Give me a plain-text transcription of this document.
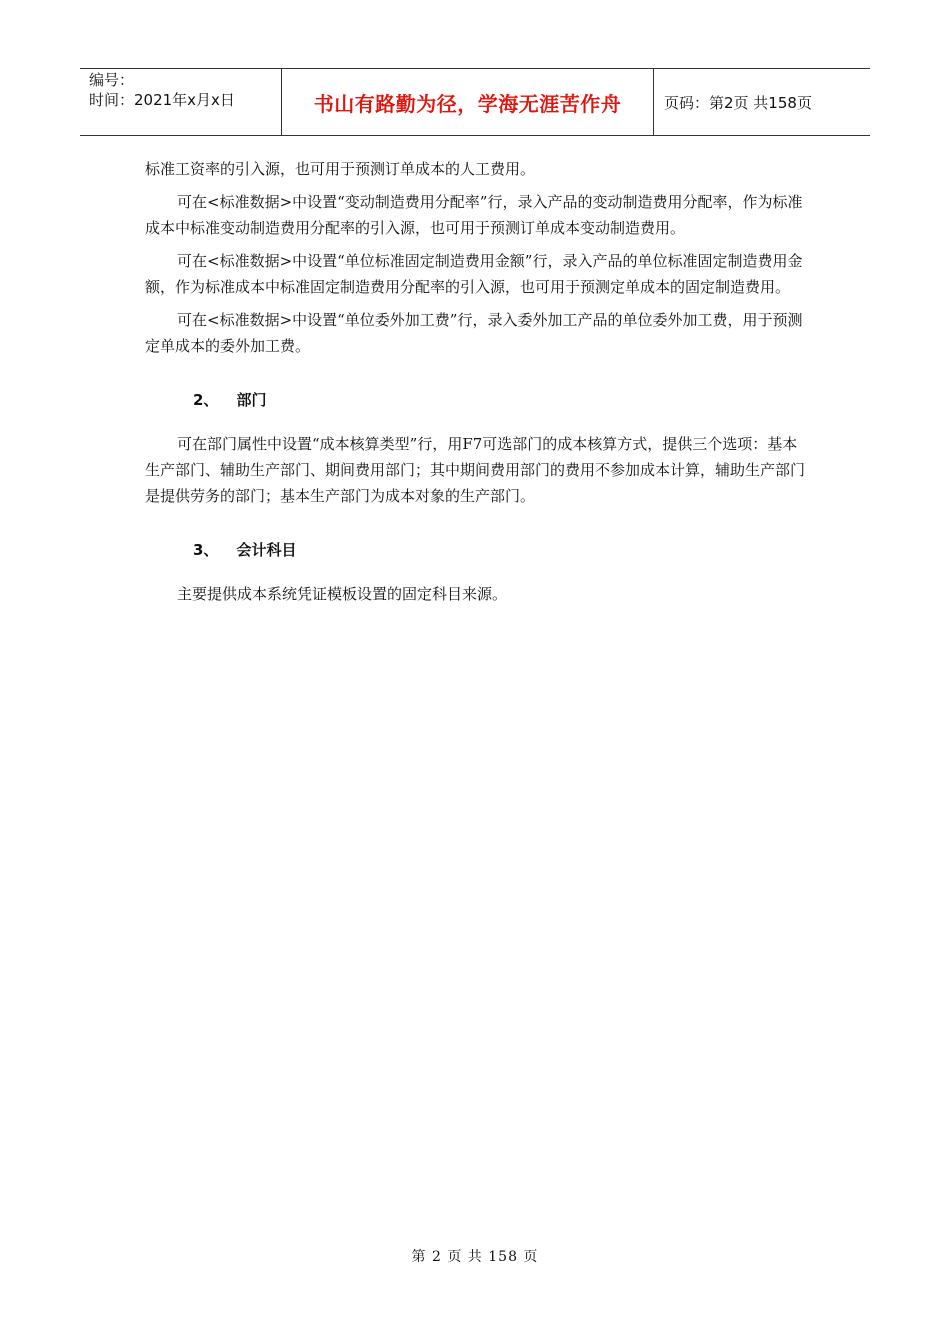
编号：
时间：2021年x月x日	书山有路勤为径，学海无涯苦作舟	页码：第2页 共158页

标准工资率的引入源，也可用于预测订单成本的人工费用。

可在<标准数据>中设置“变动制造费用分配率”行，录入产品的变动制造费用分配率，作为标准成本中标准变动制造费用分配率的引入源，也可用于预测订单成本变动制造费用。

可在<标准数据>中设置“单位标准固定制造费用金额”行，录入产品的单位标准固定制造费用金额，作为标准成本中标准固定制造费用分配率的引入源，也可用于预测定单成本的固定制造费用。

可在<标准数据>中设置“单位委外加工费”行，录入委外加工产品的单位委外加工费，用于预测定单成本的委外加工费。

2、 部门

可在部门属性中设置“成本核算类型”行，用F7可选部门的成本核算方式，提供三个选项：基本生产部门、辅助生产部门、期间费用部门；其中期间费用部门的费用不参加成本计算，辅助生产部门是提供劳务的部门；基本生产部门为成本对象的生产部门。

3、 会计科目

主要提供成本系统凭证模板设置的固定科目来源。

第 2 页 共 158 页
